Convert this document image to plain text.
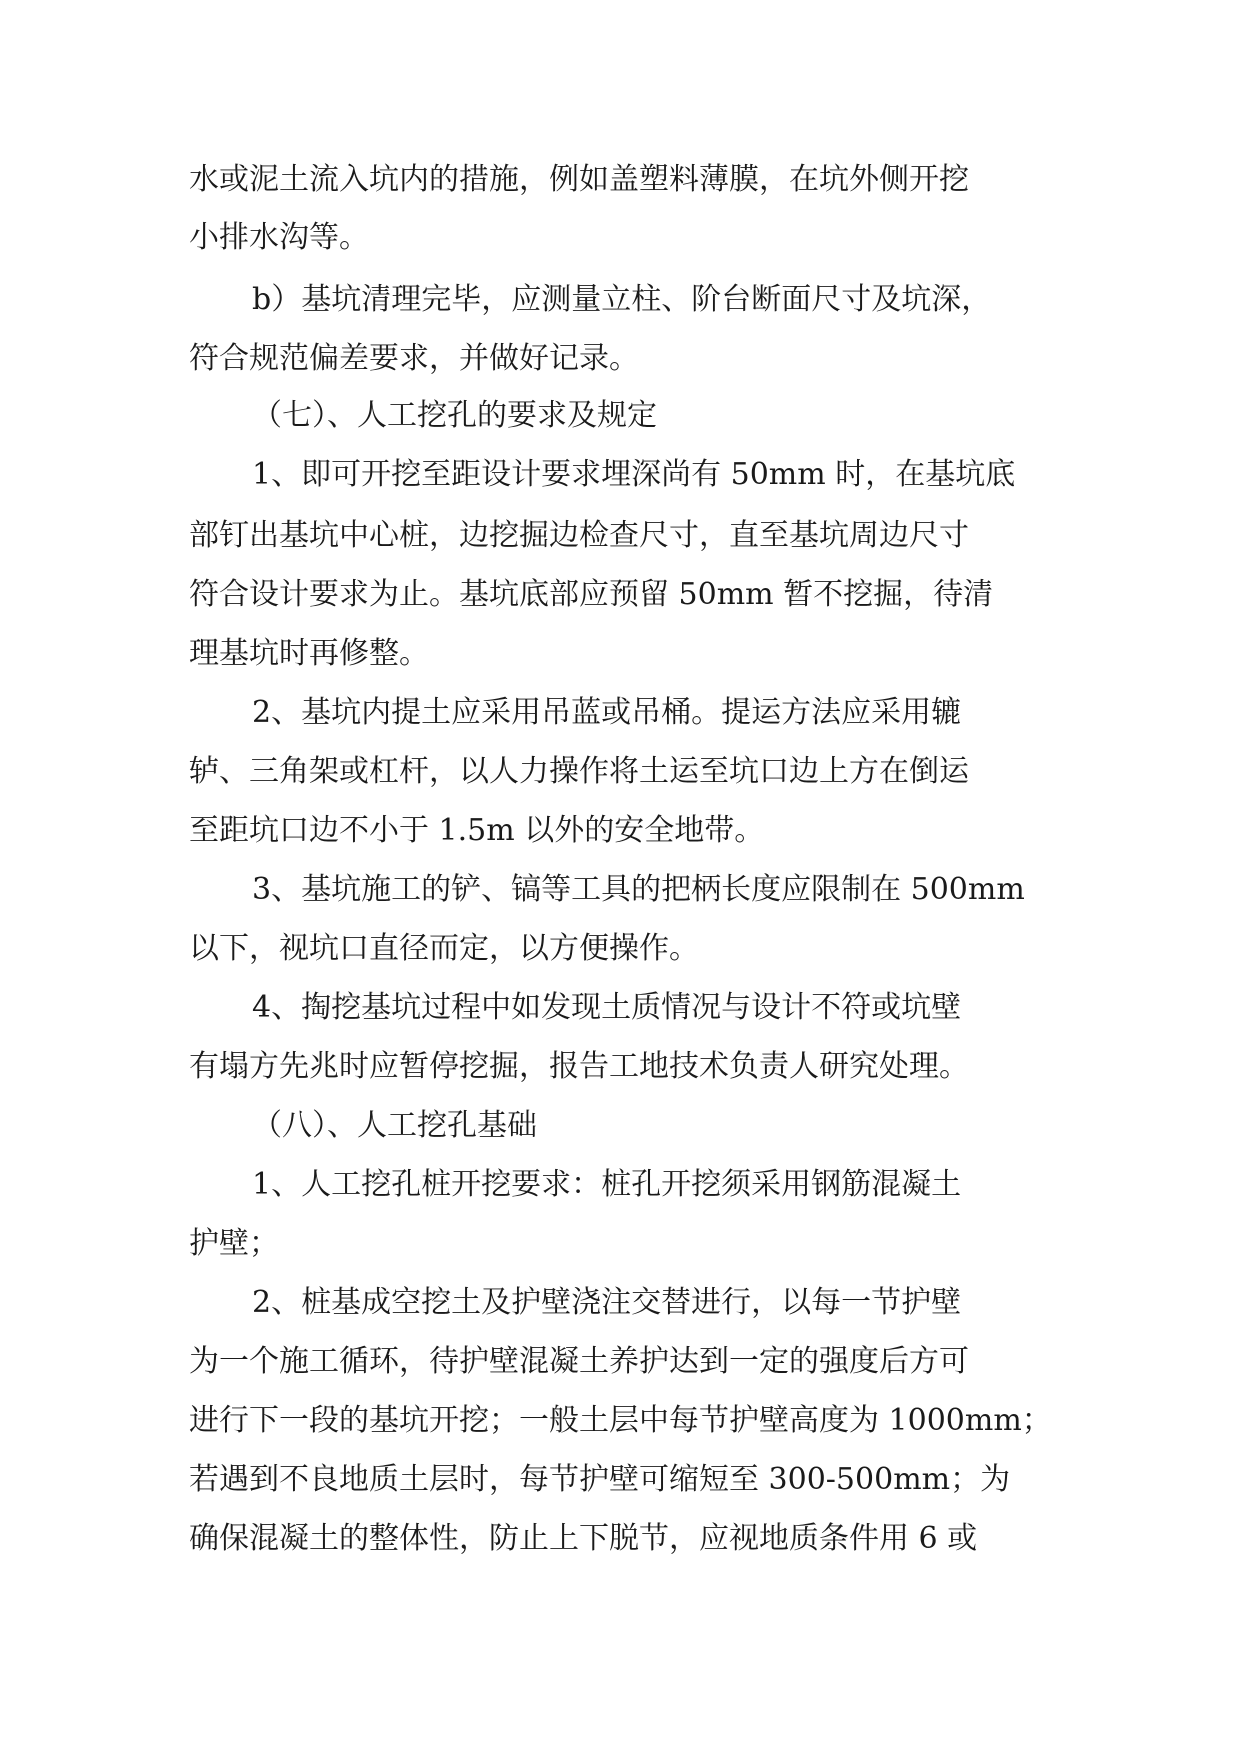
水或泥土流入坑内的措施，例如盖塑料薄膜，在坑外侧开挖
小排水沟等。
b）基坑清理完毕，应测量立柱、阶台断面尺寸及坑深，
符合规范偏差要求，并做好记录。
（七）、人工挖孔的要求及规定
1、即可开挖至距设计要求埋深尚有 50mm 时，在基坑底
部钉出基坑中心桩，边挖掘边检查尺寸，直至基坑周边尺寸
符合设计要求为止。基坑底部应预留 50mm 暂不挖掘，待清
理基坑时再修整。
2、基坑内提土应采用吊蓝或吊桶。提运方法应采用辘
轳、三角架或杠杆，以人力操作将土运至坑口边上方在倒运
至距坑口边不小于 1.5m 以外的安全地带。
3、基坑施工的铲、镐等工具的把柄长度应限制在 500mm
以下，视坑口直径而定，以方便操作。
4、掏挖基坑过程中如发现土质情况与设计不符或坑壁
有塌方先兆时应暂停挖掘，报告工地技术负责人研究处理。
（八）、人工挖孔基础
1、人工挖孔桩开挖要求：桩孔开挖须采用钢筋混凝土
护壁；
2、桩基成空挖土及护壁浇注交替进行，以每一节护壁
为一个施工循环，待护壁混凝土养护达到一定的强度后方可
进行下一段的基坑开挖；一般土层中每节护壁高度为 1000mm；
若遇到不良地质土层时，每节护壁可缩短至 300-500mm；为
确保混凝土的整体性，防止上下脱节，应视地质条件用 6 或
